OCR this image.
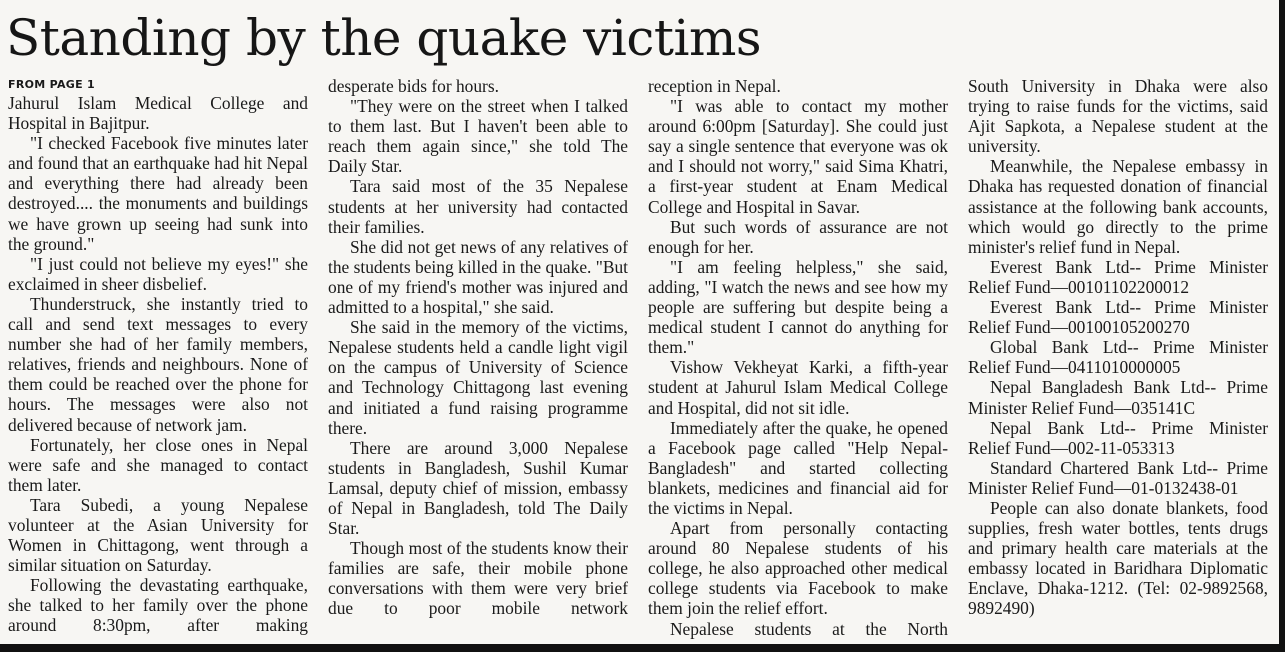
Standing by the quake victims
FROM PAGE 1

Jahurul Islam Medical College and Hospital in Bajitpur.

"I checked Facebook five minutes later and found that an earthquake had hit Nepal and everything there had already been destroyed.... the monuments and buildings we have grown up seeing had sunk into the ground."

"I just could not believe my eyes!" she exclaimed in sheer disbelief.

Thunderstruck, she instantly tried to call and send text messages to every number she had of her family members, relatives, friends and neighbours. None of them could be reached over the phone for hours. The messages were also not delivered because of network jam.

Fortunately, her close ones in Nepal were safe and she managed to contact them later.

Tara Subedi, a young Nepalese volunteer at the Asian University for Women in Chittagong, went through a similar situation on Saturday.

Following the devastating earthquake, she talked to her family over the phone around 8:30pm, after making

desperate bids for hours.

"They were on the street when I talked to them last. But I haven't been able to reach them again since," she told The Daily Star.

Tara said most of the 35 Nepalese students at her university had contacted their families.

She did not get news of any relatives of the students being killed in the quake. "But one of my friend's mother was injured and admitted to a hospital," she said.

She said in the memory of the victims, Nepalese students held a candle light vigil on the campus of University of Science and Technology Chittagong last evening and initiated a fund raising programme there.

There are around 3,000 Nepalese students in Bangladesh, Sushil Kumar Lamsal, deputy chief of mission, embassy of Nepal in Bangladesh, told The Daily Star.

Though most of the students know their families are safe, their mobile phone conversations with them were very brief due to poor mobile network

reception in Nepal.

"I was able to contact my mother around 6:00pm [Saturday]. She could just say a single sentence that everyone was ok and I should not worry," said Sima Khatri, a first-year student at Enam Medical College and Hospital in Savar.

But such words of assurance are not enough for her.

"I am feeling helpless," she said, adding, "I watch the news and see how my people are suffering but despite being a medical student I cannot do anything for them."

Vishow Vekheyat Karki, a fifth-year student at Jahurul Islam Medical College and Hospital, did not sit idle.

Immediately after the quake, he opened a Facebook page called "Help Nepal- Bangladesh" and started collecting blankets, medicines and financial aid for the victims in Nepal.

Apart from personally contacting around 80 Nepalese students of his college, he also approached other medical college students via Facebook to make them join the relief effort.

Nepalese students at the North

South University in Dhaka were also trying to raise funds for the victims, said Ajit Sapkota, a Nepalese student at the university.

Meanwhile, the Nepalese embassy in Dhaka has requested donation of financial assistance at the following bank accounts, which would go directly to the prime minister's relief fund in Nepal.

Everest Bank Ltd-- Prime Minister Relief Fund—00101102200012

Everest Bank Ltd-- Prime Minister Relief Fund—00100105200270

Global Bank Ltd-- Prime Minister Relief Fund—0411010000005

Nepal Bangladesh Bank Ltd-- Prime Minister Relief Fund—035141C

Nepal Bank Ltd-- Prime Minister Relief Fund—002-11-053313

Standard Chartered Bank Ltd-- Prime Minister Relief Fund—01-0132438-01

People can also donate blankets, food supplies, fresh water bottles, tents drugs and primary health care materials at the embassy located in Baridhara Diplomatic Enclave, Dhaka-1212. (Tel: 02-9892568, 9892490)
